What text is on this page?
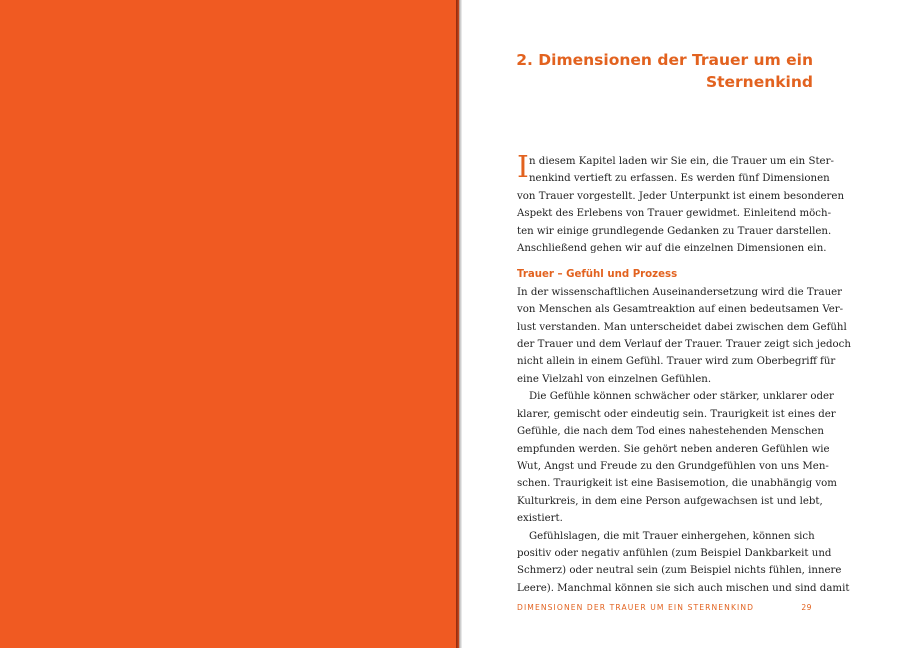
2. Dimensionen der Trauer um ein
Sternenkind
I n diesem Kapitel laden wir Sie ein, die Trauer um ein Ster-
nenkind vertieft zu erfassen. Es werden fünf Dimensionen
von Trauer vorgestellt. Jeder Unterpunkt ist einem besonderen
Aspekt des Erlebens von Trauer gewidmet. Einleitend möch-
ten wir einige grundlegende Gedanken zu Trauer darstellen.
Anschließend gehen wir auf die einzelnen Dimensionen ein.
Trauer – Gefühl und Prozess
In der wissenschaftlichen Auseinandersetzung wird die Trauer
von Menschen als Gesamtreaktion auf einen bedeutsamen Ver-
lust verstanden. Man unterscheidet dabei zwischen dem Gefühl
der Trauer und dem Verlauf der Trauer. Trauer zeigt sich jedoch
nicht allein in einem Gefühl. Trauer wird zum Oberbegriff für
eine Vielzahl von einzelnen Gefühlen.
Die Gefühle können schwächer oder stärker, unklarer oder
klarer, gemischt oder eindeutig sein. Traurigkeit ist eines der
Gefühle, die nach dem Tod eines nahestehenden Menschen
empfunden werden. Sie gehört neben anderen Gefühlen wie
Wut, Angst und Freude zu den Grundgefühlen von uns Men-
schen. Traurigkeit ist eine Basisemotion, die unabhängig vom
Kulturkreis, in dem eine Person aufgewachsen ist und lebt,
existiert.
Gefühlslagen, die mit Trauer einhergehen, können sich
positiv oder negativ anfühlen (zum Beispiel Dankbarkeit und
Schmerz) oder neutral sein (zum Beispiel nichts fühlen, innere
Leere). Manchmal können sie sich auch mischen und sind damit
DIMENSIONEN DER TRAUER UM EIN STERNENKIND	29
